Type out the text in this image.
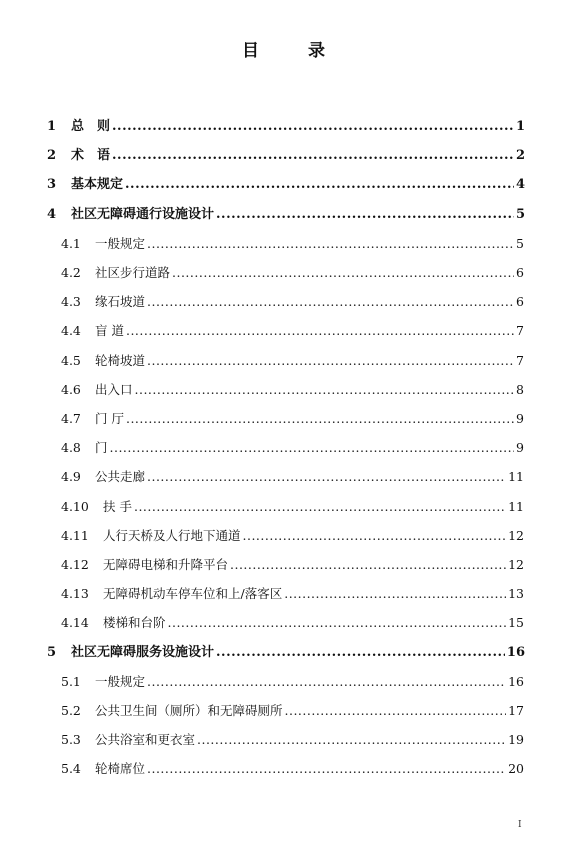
目　录
1	总　则 .....	1
2	术　语 .....	2
3	基本规定 .....	4
4	社区无障碍通行设施设计 .....	5
4.1	一般规定 .....	5
4.2	社区步行道路 .....	6
4.3	缘石坡道 .....	6
4.4	盲 道 .....	7
4.5	轮椅坡道 .....	7
4.6	出入口 .....	8
4.7	门 厅 .....	9
4.8	门 .....	9
4.9	公共走廊 .....	11
4.10	扶 手 .....	11
4.11	人行天桥及人行地下通道 .....	12
4.12	无障碍电梯和升降平台 .....	12
4.13	无障碍机动车停车位和上/落客区 .....	13
4.14	楼梯和台阶 .....	15
5	社区无障碍服务设施设计 .....	16
5.1	一般规定 .....	16
5.2	公共卫生间（厕所）和无障碍厕所 .....	17
5.3	公共浴室和更衣室 .....	19
5.4	轮椅席位 .....	20
I
